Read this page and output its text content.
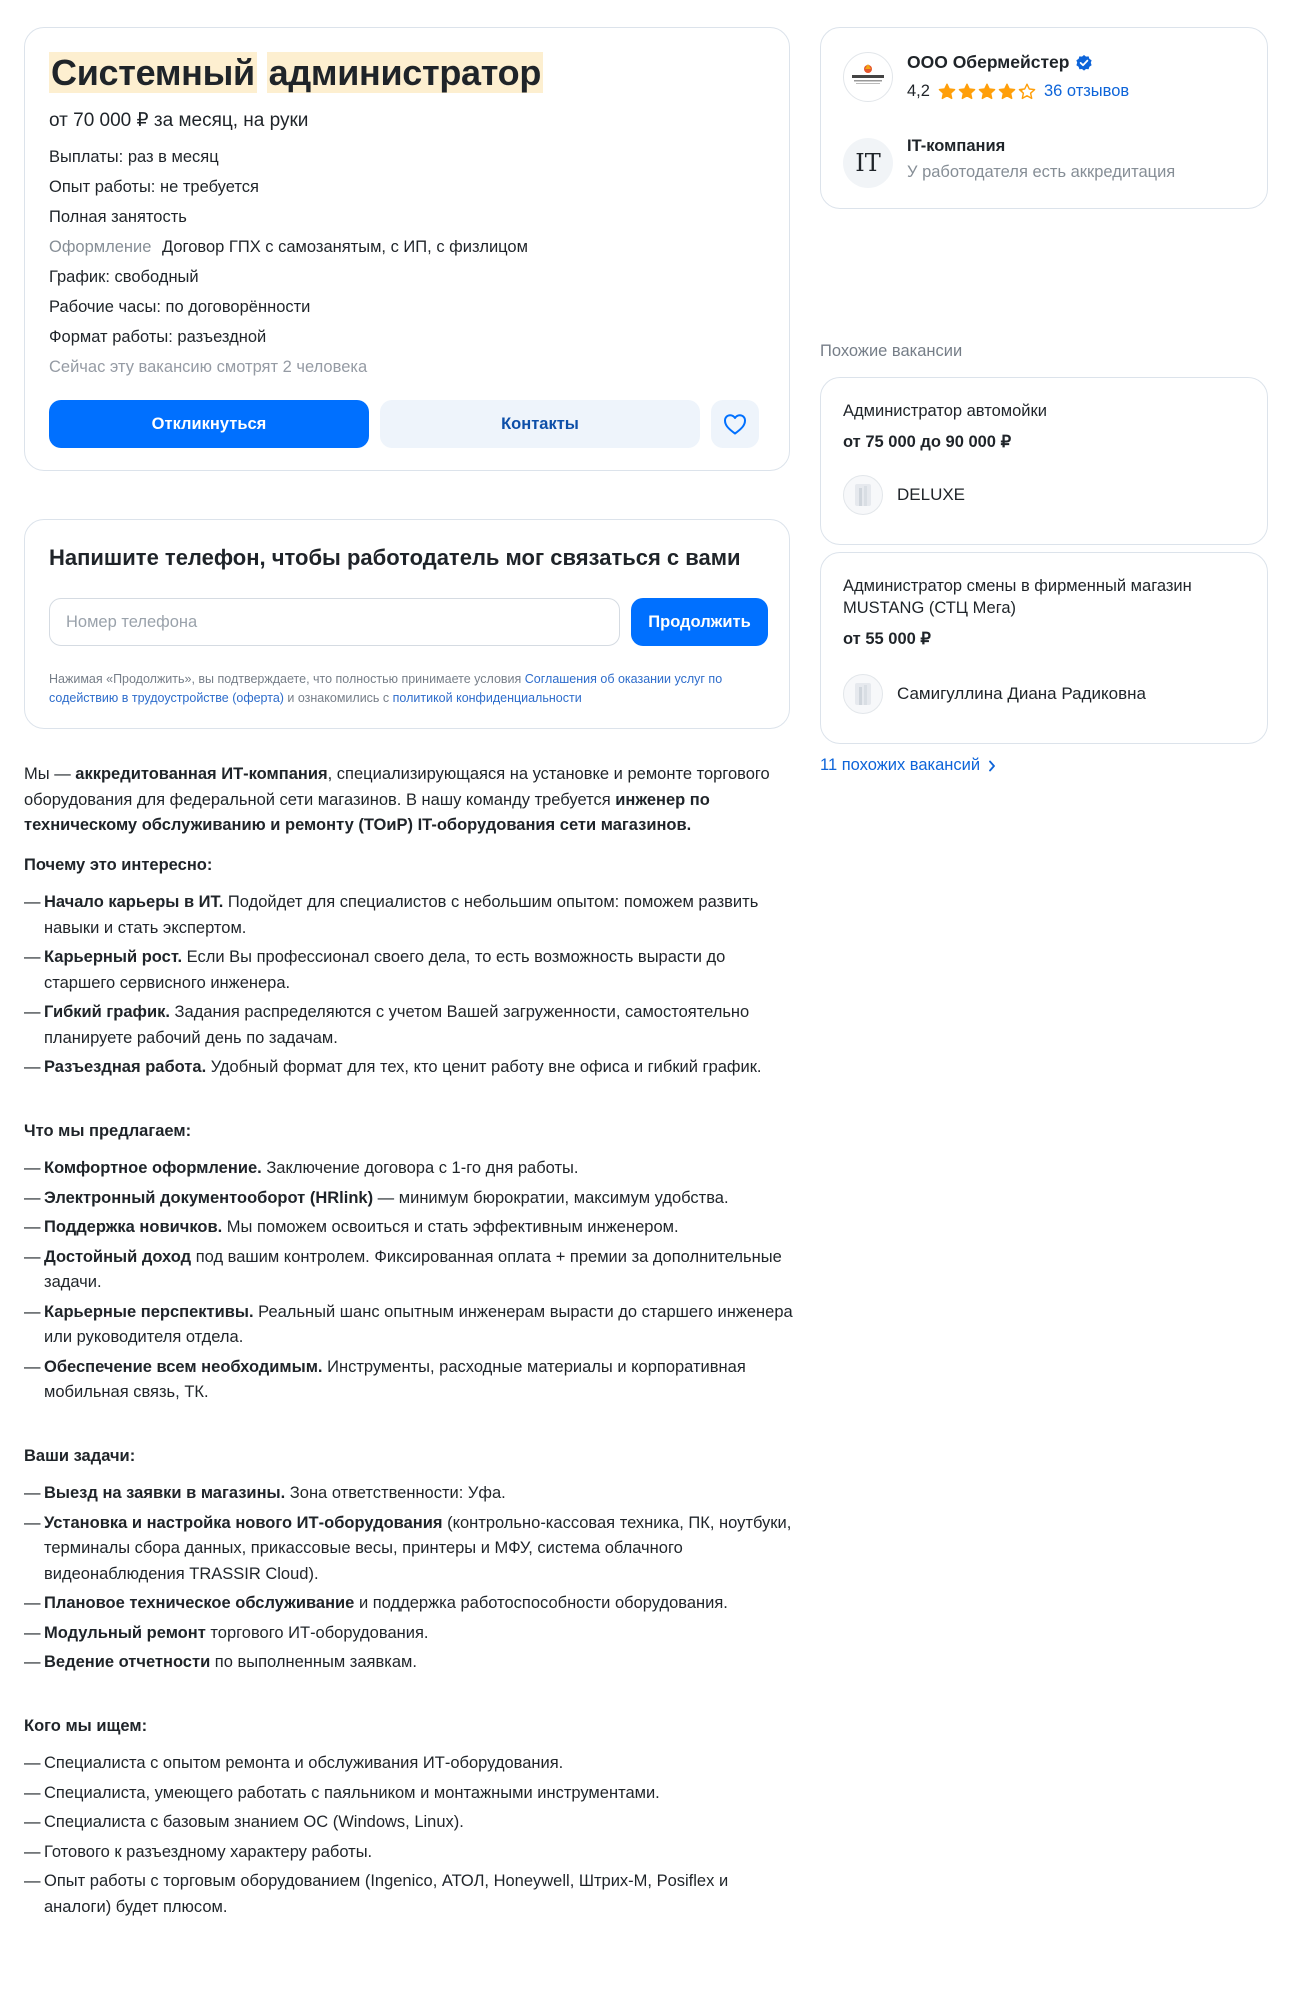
Системный администратор
от 70 000 ₽ за месяц, на руки
Выплаты: раз в месяц
Опыт работы: не требуется
Полная занятость
Оформление Договор ГПХ с самозанятым, с ИП, с физлицом
График: свободный
Рабочие часы: по договорённости
Формат работы: разъездной
Сейчас эту вакансию смотрят 2 человека
Откликнуться	Контакты
Напишите телефон, чтобы работодатель мог связаться с вами
Номер телефона
Продолжить
Нажимая «Продолжить», вы подтверждаете, что полностью принимаете условия Соглашения об оказании услуг по содействию в трудоустройстве (оферта) и ознакомились с политикой конфиденциальности

Мы — аккредитованная ИТ-компания, специализирующаяся на установке и ремонте торгового оборудования для федеральной сети магазинов. В нашу команду требуется инженер по техническому обслуживанию и ремонту (ТОиР) IT-оборудования сети магазинов.

Почему это интересно:

— Начало карьеры в ИТ. Подойдет для специалистов с небольшим опытом: поможем развить навыки и стать экспертом.
— Карьерный рост. Если Вы профессионал своего дела, то есть возможность вырасти до старшего сервисного инженера.
— Гибкий график. Задания распределяются с учетом Вашей загруженности, самостоятельно планируете рабочий день по задачам.
— Разъездная работа. Удобный формат для тех, кто ценит работу вне офиса и гибкий график.

Что мы предлагаем:

— Комфортное оформление. Заключение договора с 1-го дня работы.
— Электронный документооборот (HRlink) — минимум бюрократии, максимум удобства.
— Поддержка новичков. Мы поможем освоиться и стать эффективным инженером.
— Достойный доход под вашим контролем. Фиксированная оплата + премии за дополнительные задачи.
— Карьерные перспективы. Реальный шанс опытным инженерам вырасти до старшего инженера или руководителя отдела.
— Обеспечение всем необходимым. Инструменты, расходные материалы и корпоративная мобильная связь, ТК.

Ваши задачи:

— Выезд на заявки в магазины. Зона ответственности: Уфа.
— Установка и настройка нового ИТ-оборудования (контрольно-кассовая техника, ПК, ноутбуки, терминалы сбора данных, прикассовые весы, принтеры и МФУ, система облачного видеонаблюдения TRASSIR Cloud).
— Плановое техническое обслуживание и поддержка работоспособности оборудования.
— Модульный ремонт торгового ИТ-оборудования.
— Ведение отчетности по выполненным заявкам.

Кого мы ищем:

— Специалиста с опытом ремонта и обслуживания ИТ-оборудования.
— Специалиста, умеющего работать с паяльником и монтажными инструментами.
— Специалиста с базовым знанием ОС (Windows, Linux).
— Готового к разъездному характеру работы.
— Опыт работы с торговым оборудованием (Ingenico, АТОЛ, Honeywell, Штрих-М, Posiflex и аналоги) будет плюсом.
ООО Обермейстер
4,2	36 отзывов
IT
IT-компания
У работодателя есть аккредитация
Похожие вакансии
Администратор автомойки
от 75 000 до 90 000 ₽
DELUXE
Администратор смены в фирменный магазин MUSTANG (СТЦ Мега)
от 55 000 ₽
Самигуллина Диана Радиковна
11 похожих вакансий
